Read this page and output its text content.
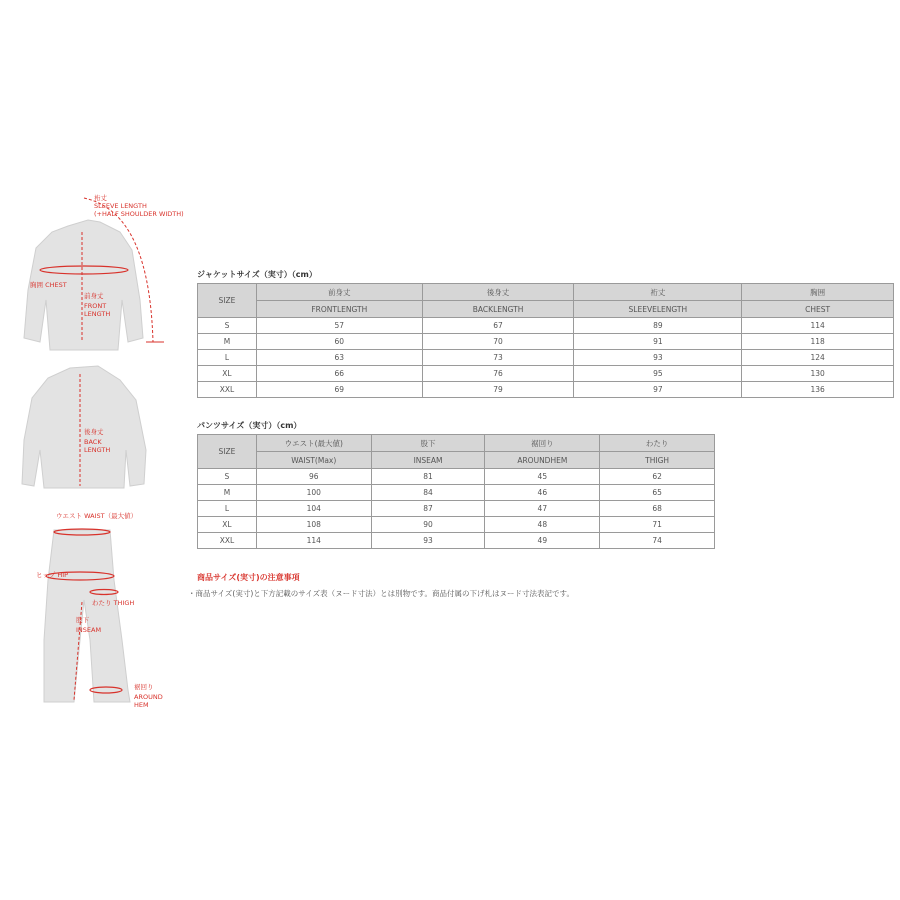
裄丈
SLEEVE LENGTH
(+HALF SHOULDER WIDTH)
胸囲 CHEST
前身丈
FRONT
LENGTH
後身丈
BACK
LENGTH
ウエスト WAIST（最大値）
ヒップ HIP
わたり THIGH
股下
INSEAM
裾回り
AROUND
HEM
ジャケットサイズ（実寸）（cm）
SIZE	前身丈	後身丈	裄丈	胸囲
	FRONTLENGTH	BACKLENGTH	SLEEVELENGTH	CHEST
S	57	67	89	114
M	60	70	91	118
L	63	73	93	124
XL	66	76	95	130
XXL	69	79	97	136
パンツサイズ（実寸）（cm）
SIZE	ウエスト(最大値)	股下	裾回り	わたり
	WAIST(Max)	INSEAM	AROUNDHEM	THIGH
S	96	81	45	62
M	100	84	46	65
L	104	87	47	68
XL	108	90	48	71
XXL	114	93	49	74
商品サイズ(実寸)の注意事項
・商品サイズ(実寸)と下方記載のサイズ表（ヌード寸法）とは別物です。商品付属の下げ札はヌード寸法表記です。
